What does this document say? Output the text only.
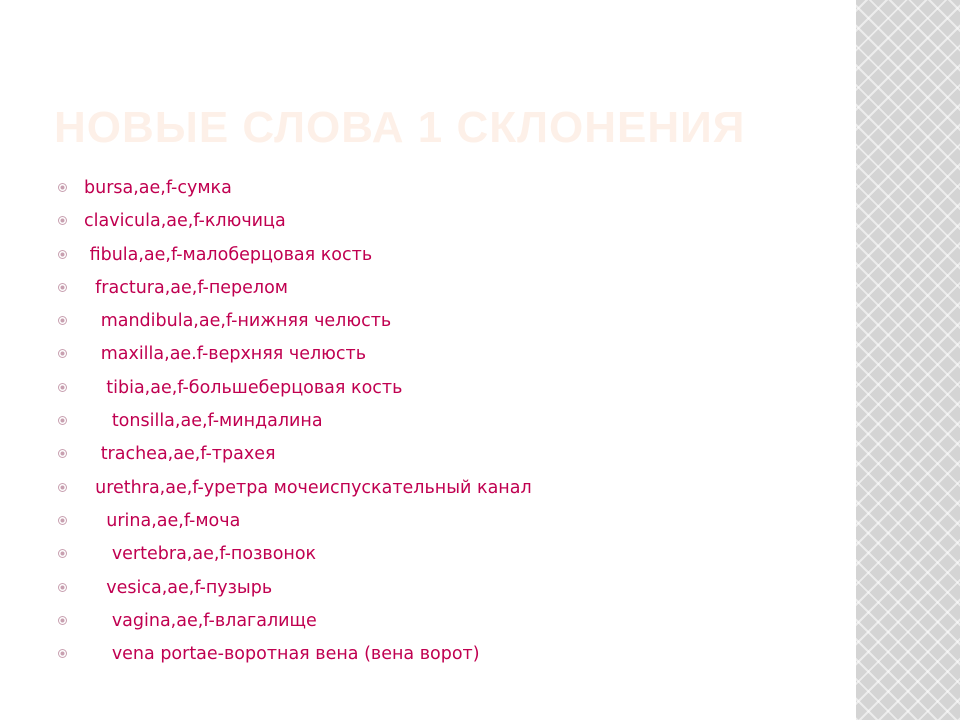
НОВЫЕ СЛОВА 1 СКЛОНЕНИЯ

bursa,ae,f-сумка

clavicula,ae,f-ключица

fibula,ae,f-малоберцовая кость

fractura,ae,f-перелом

mandibula,ae,f-нижняя челюсть

maxilla,ae.f-верхняя челюсть

tibia,ae,f-большеберцовая кость

tonsilla,ae,f-миндалина

trachea,ae,f-трахея

urethra,ae,f-уретра мочеиспускательный канал

urina,ae,f-моча

vertebra,ae,f-позвонок

vesica,ae,f-пузырь

vagina,ae,f-влагалище

vena portae-воротная вена (вена ворот)
